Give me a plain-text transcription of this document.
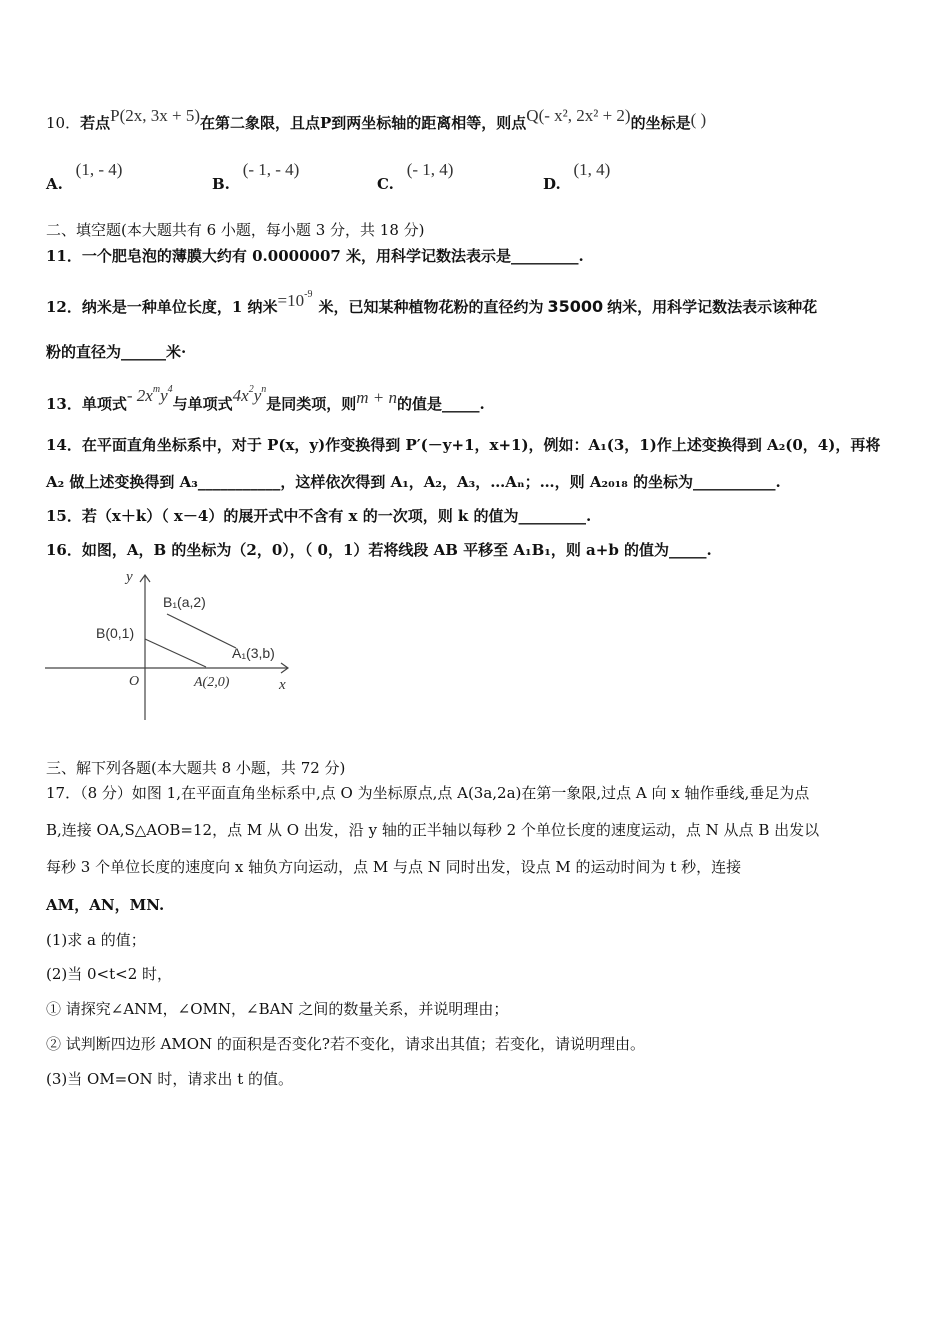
10．若点P(2x, 3x + 5)在第二象限，且点P到两坐标轴的距离相等，则点Q(- x², 2x² + 2)的坐标是( )
A. (1, - 4)
B. (- 1, - 4)
C. (- 1, 4)
D. (1, 4)
二、填空题(本大题共有 6 小题，每小题 3 分，共 18 分)
11．一个肥皂泡的薄膜大约有 0.0000007 米，用科学记数法表示是_________.
12．纳米是一种单位长度，1 纳米$=10^{-9}$米，已知某种植物花粉的直径约为 35000 纳米，用科学记数法表示该种花
粉的直径为______米·
13．单项式- $2x^my^4$与单项式$4x^2y^n$是同类项，则m + n的值是_____.
14．在平面直角坐标系中，对于 P(x，y)作变换得到 P′(－y+1，x+1)，例如：A₁(3，1)作上述变换得到 A₂(0，4)，再将
A₂ 做上述变换得到 A₃___________，这样依次得到 A₁，A₂，A₃，…Aₙ；…，则 A₂₀₁₈ 的坐标为___________.
15．若（x＋k）（ x－4）的展开式中不含有 x 的一次项，则 k 的值为_________.
16．如图，A，B 的坐标为（2，0），（ 0，1）若将线段 AB 平移至 A₁B₁，则 a+b 的值为_____.
y
x
O
B(0,1)
A(2,0)
B₁(a,2)
A₁(3,b)
三、解下列各题(本大题共 8 小题，共 72 分)
17．（8 分）如图 1,在平面直角坐标系中,点 O 为坐标原点,点 A(3a,2a)在第一象限,过点 A 向 x 轴作垂线,垂足为点
B,连接 OA,S△AOB=12，点 M 从 O 出发，沿 y 轴的正半轴以每秒 2 个单位长度的速度运动，点 N 从点 B 出发以
每秒 3 个单位长度的速度向 x 轴负方向运动，点 M 与点 N 同时出发，设点 M 的运动时间为 t 秒，连接
AM，AN，MN.
(1)求 a 的值；
(2)当 0<t<2 时，
① 请探究∠ANM，∠OMN，∠BAN 之间的数量关系，并说明理由；
② 试判断四边形 AMON 的面积是否变化?若不变化，请求出其值；若变化，请说明理由。
(3)当 OM=ON 时，请求出 t 的值。
